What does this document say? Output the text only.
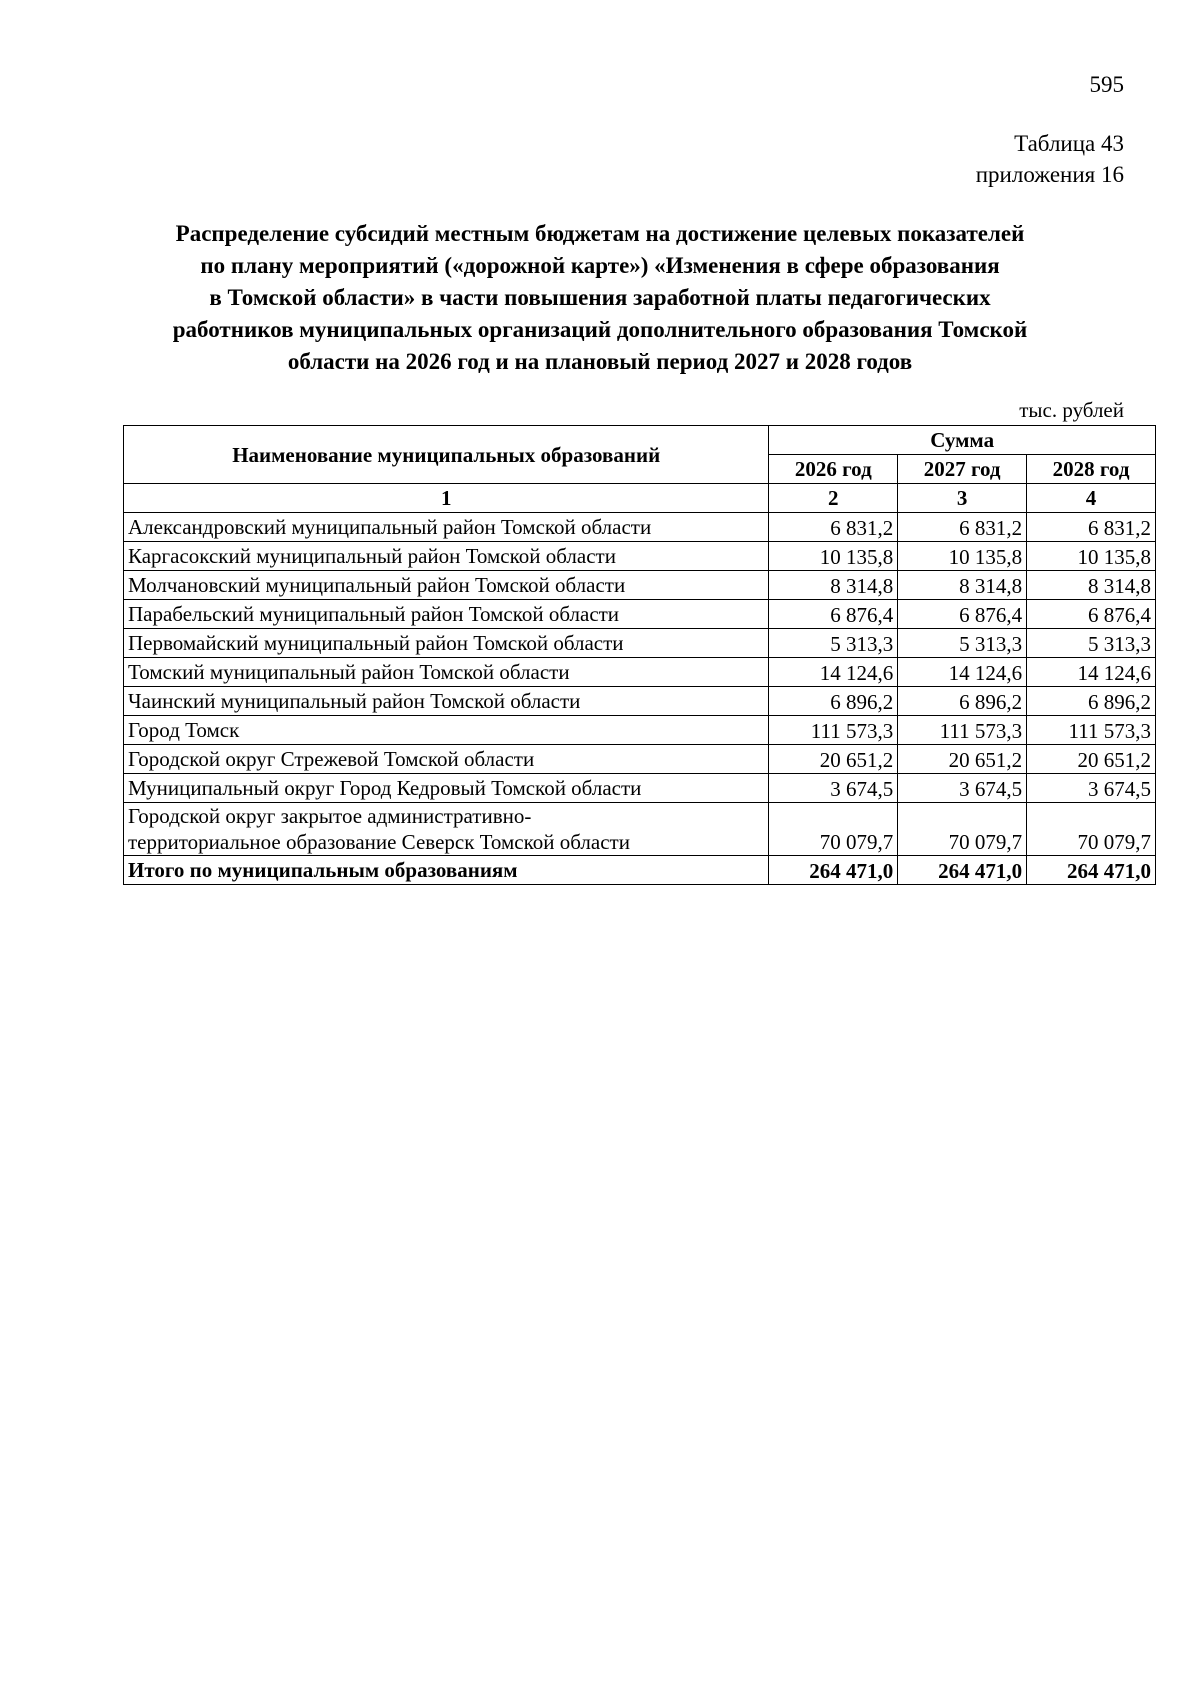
595
Таблица 43
приложения 16
Распределение субсидий местным бюджетам на достижение целевых показателей
по плану мероприятий («дорожной карте») «Изменения в сфере образования
в Томской области» в части повышения заработной платы педагогических
работников муниципальных организаций дополнительного образования Томской
области на 2026 год и на плановый период 2027 и 2028 годов
тыс. рублей
Наименование муниципальных образований	Сумма		
	2026 год	2027 год	2028 год
1	2	3	4
Александровский муниципальный район Томской области	6 831,2	6 831,2	6 831,2
Каргасокский муниципальный район Томской области	10 135,8	10 135,8	10 135,8
Молчановский муниципальный район Томской области	8 314,8	8 314,8	8 314,8
Парабельский муниципальный район Томской области	6 876,4	6 876,4	6 876,4
Первомайский муниципальный район Томской области	5 313,3	5 313,3	5 313,3
Томский муниципальный район Томской области	14 124,6	14 124,6	14 124,6
Чаинский муниципальный район Томской области	6 896,2	6 896,2	6 896,2
Город Томск	111 573,3	111 573,3	111 573,3
Городской округ Стрежевой Томской области	20 651,2	20 651,2	20 651,2
Муниципальный округ Город Кедровый Томской области	3 674,5	3 674,5	3 674,5

Городской округ закрытое административно-
территориальное образование Северск Томской области	70 079,7	70 079,7	70 079,7
Итого по муниципальным образованиям	264 471,0	264 471,0	264 471,0
